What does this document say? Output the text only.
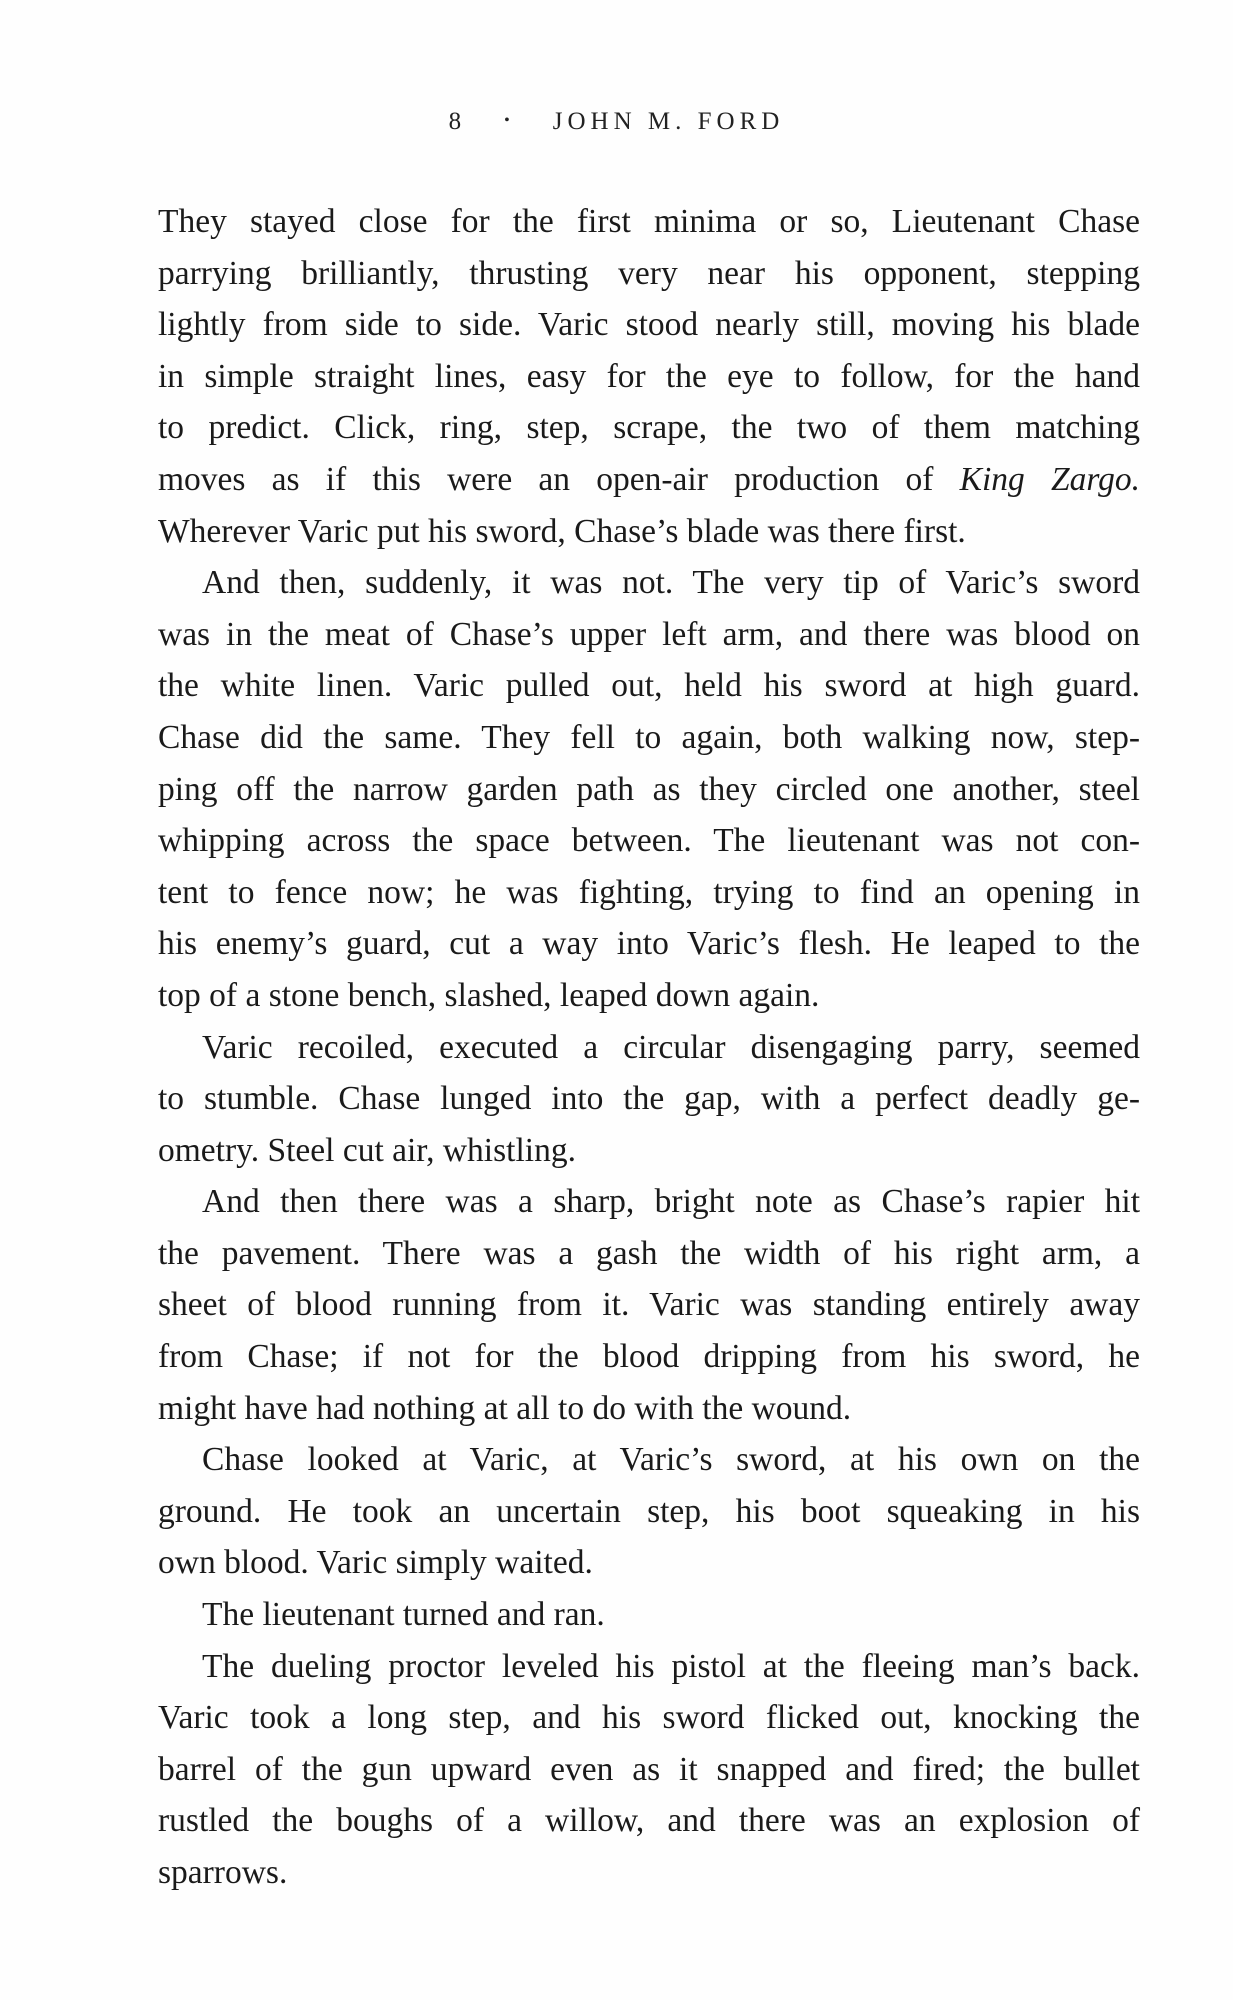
8 • JOHN M. FORD
They stayed close for the first minima or so, Lieutenant Chase
parrying brilliantly, thrusting very near his opponent, stepping
lightly from side to side. Varic stood nearly still, moving his blade
in simple straight lines, easy for the eye to follow, for the hand
to predict. Click, ring, step, scrape, the two of them matching
moves as if this were an open-air production of King Zargo.
Wherever Varic put his sword, Chase’s blade was there first.
And then, suddenly, it was not. The very tip of Varic’s sword
was in the meat of Chase’s upper left arm, and there was blood on
the white linen. Varic pulled out, held his sword at high guard.
Chase did the same. They fell to again, both walking now, step-
ping off the narrow garden path as they circled one another, steel
whipping across the space between. The lieutenant was not con-
tent to fence now; he was fighting, trying to find an opening in
his enemy’s guard, cut a way into Varic’s flesh. He leaped to the
top of a stone bench, slashed, leaped down again.
Varic recoiled, executed a circular disengaging parry, seemed
to stumble. Chase lunged into the gap, with a perfect deadly ge-
ometry. Steel cut air, whistling.
And then there was a sharp, bright note as Chase’s rapier hit
the pavement. There was a gash the width of his right arm, a
sheet of blood running from it. Varic was standing entirely away
from Chase; if not for the blood dripping from his sword, he
might have had nothing at all to do with the wound.
Chase looked at Varic, at Varic’s sword, at his own on the
ground. He took an uncertain step, his boot squeaking in his
own blood. Varic simply waited.
The lieutenant turned and ran.
The dueling proctor leveled his pistol at the fleeing man’s back.
Varic took a long step, and his sword flicked out, knocking the
barrel of the gun upward even as it snapped and fired; the bullet
rustled the boughs of a willow, and there was an explosion of
sparrows.
